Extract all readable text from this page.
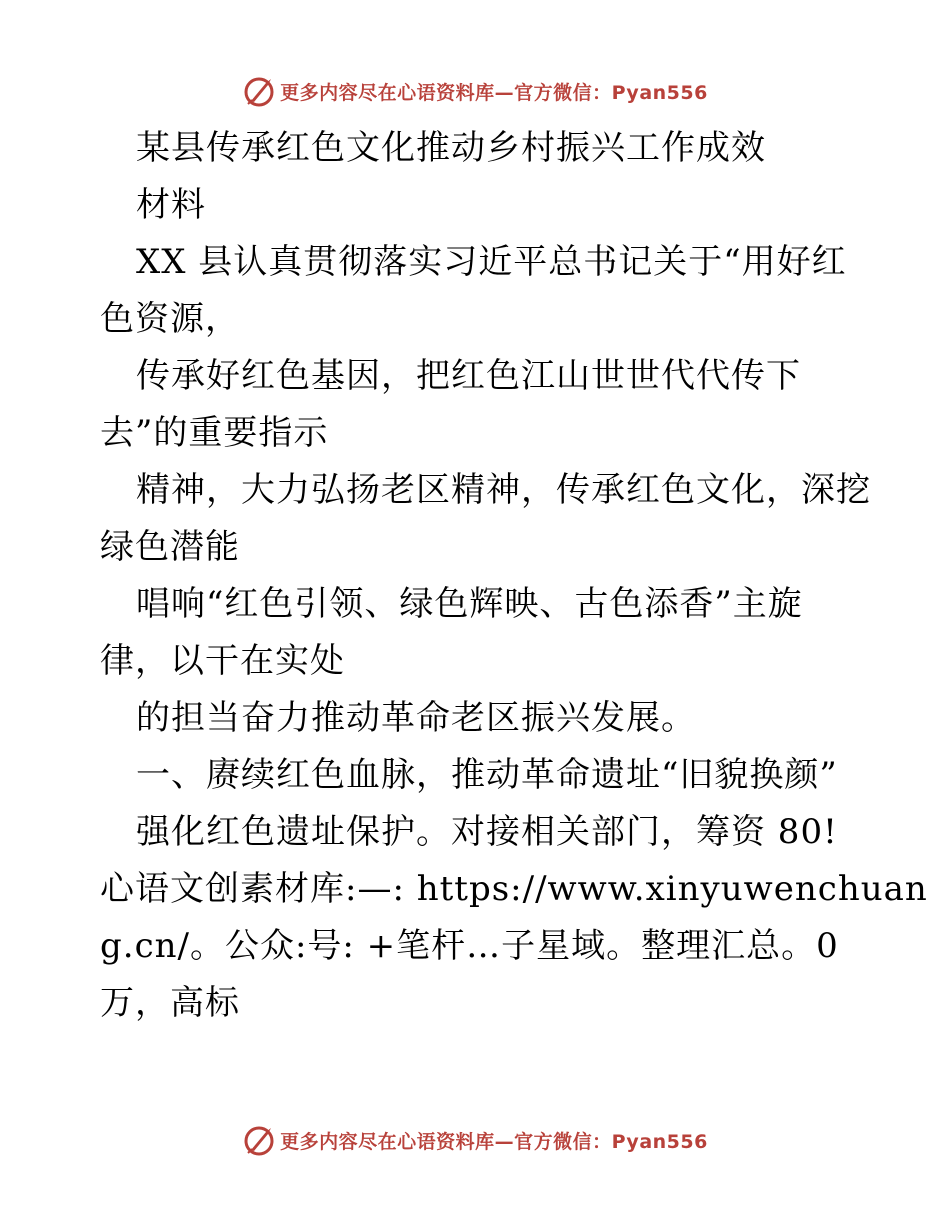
更多内容尽在心语资料库—官方微信：Pyan556
某县传承红色文化推动乡村振兴工作成效
材料
XX 县认真贯彻落实习近平总书记关于“用好红
色资源，
传承好红色基因，把红色江山世世代代传下
去”的重要指示
精神，大力弘扬老区精神，传承红色文化，深挖
绿色潜能
唱响“红色引领、绿色辉映、古色添香”主旋
律，以干在实处
的担当奋力推动革命老区振兴发展。
一、赓续红色血脉，推动革命遗址“旧貌换颜”
强化红色遗址保护。对接相关部门，筹资 80!
心语文创素材库:—: https://www.xinyuwenchuan
g.cn/。公众:号: +笔杆…子星域。整理汇总。0
万，高标
更多内容尽在心语资料库—官方微信：Pyan556
